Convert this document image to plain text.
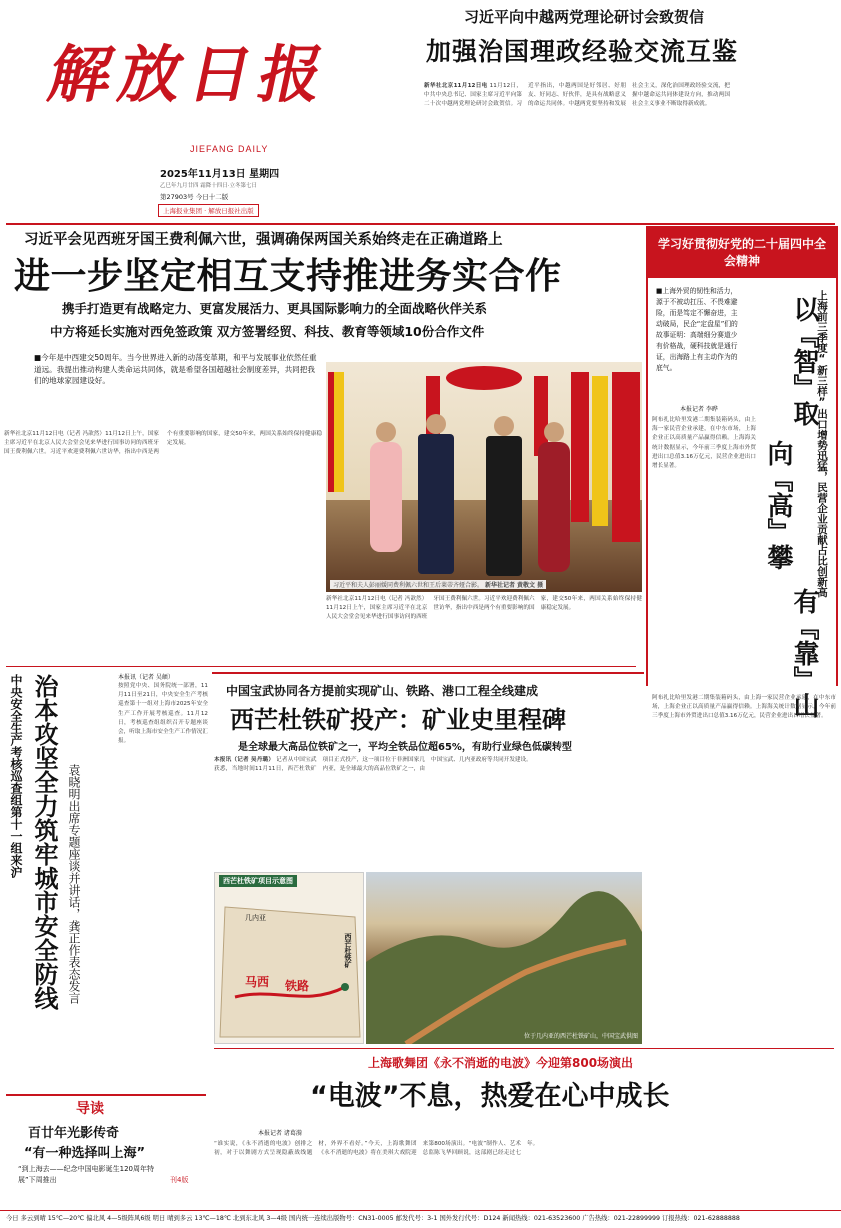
解放日报
JIEFANG DAILY
2025年11月13日 星期四
乙巳年九月廿四 霜降十四日·立冬第七日
第27903号 今日十二版
上海报业集团 · 解放日报社出版
习近平向中越两党理论研讨会致贺信
加强治国理政经验交流互鉴
新华社北京11月12日电 11月12日，中共中央总书记、国家主席习近平向第二十次中越两党理论研讨会致贺信。习近平指出，中越两国是好邻居、好朋友、好同志、好伙伴，是具有战略意义的命运共同体。中越两党要坚持和发展社会主义，深化治国理政经验交流，把握中越命运共同体建设方向，推动两国社会主义事业不断取得新成就。
习近平会见西班牙国王费利佩六世，强调确保两国关系始终走在正确道路上
进一步坚定相互支持推进务实合作
携手打造更有战略定力、更富发展活力、更具国际影响力的全面战略伙伴关系
中方将延长实施对西免签政策 双方签署经贸、科技、教育等领域10份合作文件
■今年是中西建交50周年。当今世界进入新的动荡变革期，和平与发展事业依然任重道远。我提出推动构建人类命运共同体，就是希望各国超越社会制度差异，共同把我们的地球家园建设好。
新华社北京11月12日电（记者 冯歆然）11月12日上午，国家主席习近平在北京人民大会堂会见来华进行国事访问的西班牙国王费利佩六世。习近平欢迎费利佩六世访华，指出中西是两个有重要影响的国家，建交50年来，两国关系始终保持健康稳定发展。
习近平和夫人彭丽媛同费利佩六世和王后莱蒂齐娅合影。 新华社记者 黄敬文 摄
新华社北京11月12日电（记者 冯歆然）11月12日上午，国家主席习近平在北京人民大会堂会见来华进行国事访问的西班牙国王费利佩六世。习近平欢迎费利佩六世访华，指出中西是两个有重要影响的国家，建交50年来，两国关系始终保持健康稳定发展。
学习好贯彻好党的二十届四中全会精神
■上海外贸的韧性和活力，源于不被动扛压、不畏难避险，而是笃定不懈奋进，主动破局，民企“定盘星”们的故事证明：高端细分赛道少有价格战，硬科技就是通行证，出海路上有主动作为的底气。	上海前三季度“新三样”出口增势迅猛，民营企业贡献占比创新高
以『智』取
向『高』攀
有『靠』山
本报记者 李晔
阿布扎比哈里发港二期集装箱码头，由上海一家民营企业承建，在中东市场，上海企业正以高质量产品赢得信赖。上海海关统计数据显示，今年前三季度上海市外贸进出口总值3.16万亿元，民营企业进出口增长显著。
阿布扎比哈里发港二期集装箱码头，由上海一家民营企业承建，在中东市场，上海企业正以高质量产品赢得信赖。上海海关统计数据显示，今年前三季度上海市外贸进出口总值3.16万亿元，民营企业进出口增长显著。
本报讯（记者 吴頔）
中央安全生产考核巡查组第十一组来沪 治本攻坚全力筑牢城市安全防线 袁晓明出席专题座谈并讲话，龚正作表态发言
按照党中央、国务院统一部署，11月11日至21日，中央安全生产考核巡查第十一组对上海市2025年安全生产工作开展考核巡查。11月12日，考核巡查组组织召开专题座谈会，听取上海市安全生产工作情况汇报。
中国宝武协同各方提前实现矿山、铁路、港口工程全线建成
西芒杜铁矿投产：矿业史里程碑
是全球最大高品位铁矿之一，平均全铁品位超65%，有助行业绿色低碳转型
本报讯（记者 吴丹璐） 记者从中国宝武获悉，当地时间11月11日，西芒杜铁矿项目正式投产，这一项目位于非洲国家几内亚，是全球最大的高品位铁矿之一，由中国宝武、几内亚政府等共同开发建设。
西芒杜铁矿项目示意图
几内亚
西芒杜铁矿
马西 铁路
位于几内亚的西芒杜铁矿山，中国宝武供图
上海歌舞团《永不消逝的电波》今迎第800场演出
“电波”不息，热爱在心中成长
本报记者 诸葛漪
“谁实说，《永不消逝的电波》创排之初，对于以舞剧方式呈现隐蔽战线题材，外界不看好。”今天，上海歌舞团《永不消逝的电波》将在美琪大戏院迎来第800场演出。“电波”制作人、艺术总监陈飞华回顾说，这部剧已经走过七年。
导读
百廿年光影传奇
“有一种选择叫上海”
“到上海去——纪念中国电影诞生120周年特展”下周推出	刊4版
今日 多云到晴 15℃—20℃ 偏北风 4—5级阵风6级 明日 晴到多云 13℃—18℃ 北到东北风 3—4级 国内统一连续出版物号：CN31-0005 邮发代号：3-1 国外发行代号：D124 新闻热线：021-63523600 广告热线：021-22899999 订报热线：021-62888888
